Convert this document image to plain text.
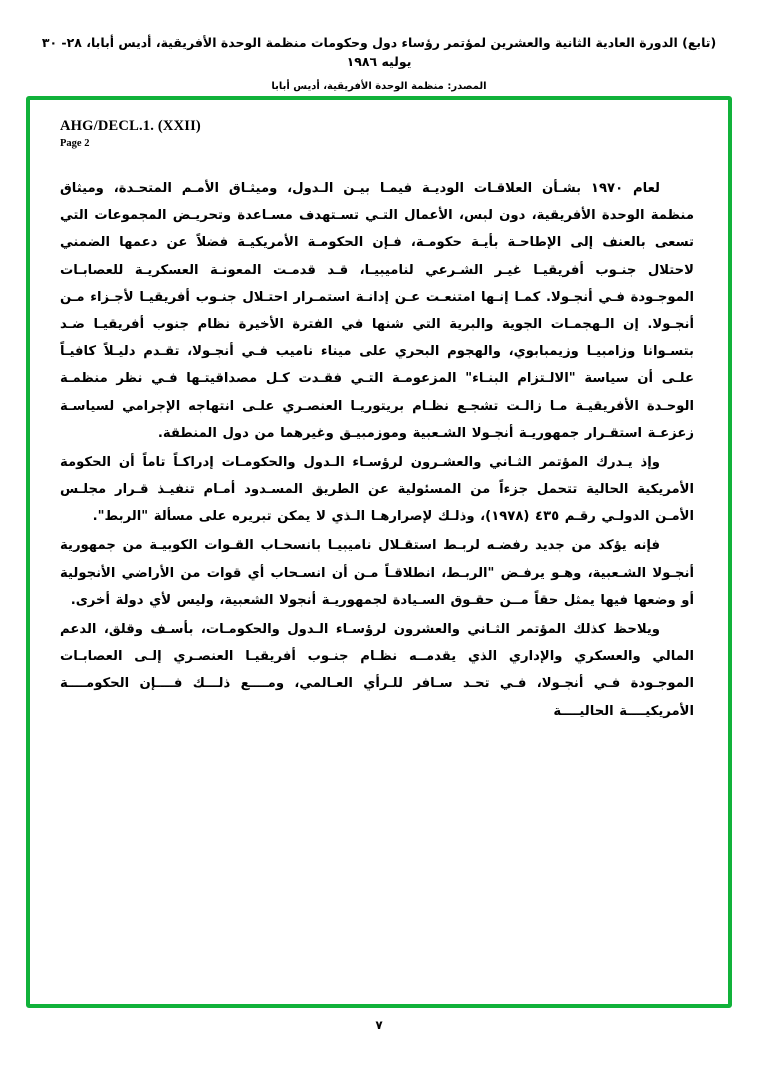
(تابع) الدورة العادية الثانية والعشرين لمؤتمر رؤساء دول وحكومات منظمة الوحدة الأفريقية، أديس أبابا، ٢٨- ٣٠ يوليه ١٩٨٦
المصدر: منظمة الوحدة الأفريقية، أديس أبابا
AHG/DECL.1. (XXII)
Page 2

لعام ١٩٧٠ بشـأن العلاقـات الوديـة فيمـا بيـن الـدول، وميثـاق الأمـم المتحـدة، وميثاق منظمة الوحدة الأفريقية، دون لبس، الأعمال التـي تسـتهدف مسـاعدة وتحريـض المجموعات التي تسعى بالعنف إلى الإطاحـة بأيـة حكومـة، فـإن الحكومـة الأمريكيـة فضلاً عن دعمها الضمني لاحتلال جنـوب أفريقيـا غيـر الشـرعي لناميبيـا، قـد قدمـت المعونـة العسكريـة للعصابـات الموجـودة فـي أنجـولا. كمـا إنـها امتنعـت عـن إدانـة استمـرار احتـلال جنـوب أفريقيـا لأجـزاء مـن أنجـولا. إن الـهجمـات الجوية والبرية التي شنها في الفترة الأخيرة نظام جنوب أفريقيـا ضـد بتسـوانا وزامبيـا وزيمبابوي، والهجوم البحري على ميناء ناميب فـي أنجـولا، تقـدم دليـلاً كافيـاً علـى أن سياسة "الالـتزام البنـاء" المزعومـة التـي فقـدت كـل مصداقيتـها فـي نظر منظمـة الوحـدة الأفريقيـة مـا زالـت تشجـع نظـام بريتوريـا العنصـري علـى انتهاجه الإجرامي لسياسـة زعزعـة استقـرار جمهوريـة أنجـولا الشـعبية وموزمبيـق وغيرهما من دول المنطقة.

وإذ يـدرك المؤتمر الثـاني والعشـرون لرؤسـاء الـدول والحكومـات إدراكـاً تاماً أن الحكومة الأمريكية الحالية تتحمل جزءاً من المسئولية عن الطريق المسـدود أمـام تنفيـذ قـرار مجلـس الأمـن الدولـي رقـم ٤٣٥ (١٩٧٨)، وذلـك لإصرارهـا الـذي لا يمكن تبريره على مسألة "الربط".

فإنه يؤكد من جديد رفضـه لربـط استقـلال ناميبيـا بانسحـاب القـوات الكوبيـة من جمهورية أنجـولا الشـعبية، وهـو يرفـض "الربـط، انطلاقـاً مـن أن انسـحاب أي قوات من الأراضي الأنجولية أو وضعها فيها يمثل حقاً مــن حقـوق السـيادة لجمهوريـة أنجولا الشعبية، وليس لأي دولة أخرى.

ويلاحظ كذلك المؤتمر الثـاني والعشرون لرؤسـاء الـدول والحكومـات، بأسـف وقلق، الدعم المالي والعسكري والإداري الذي يقدمــه نظـام جنـوب أفريقيـا العنصـري إلـى العصابـات الموجـودة فـي أنجـولا، فـي تحـد سـافر للـرأي العـالمي، ومــــع ذلـــك فــــإن الحكومــــة الأمريكيــــة الحاليــــة

٧
